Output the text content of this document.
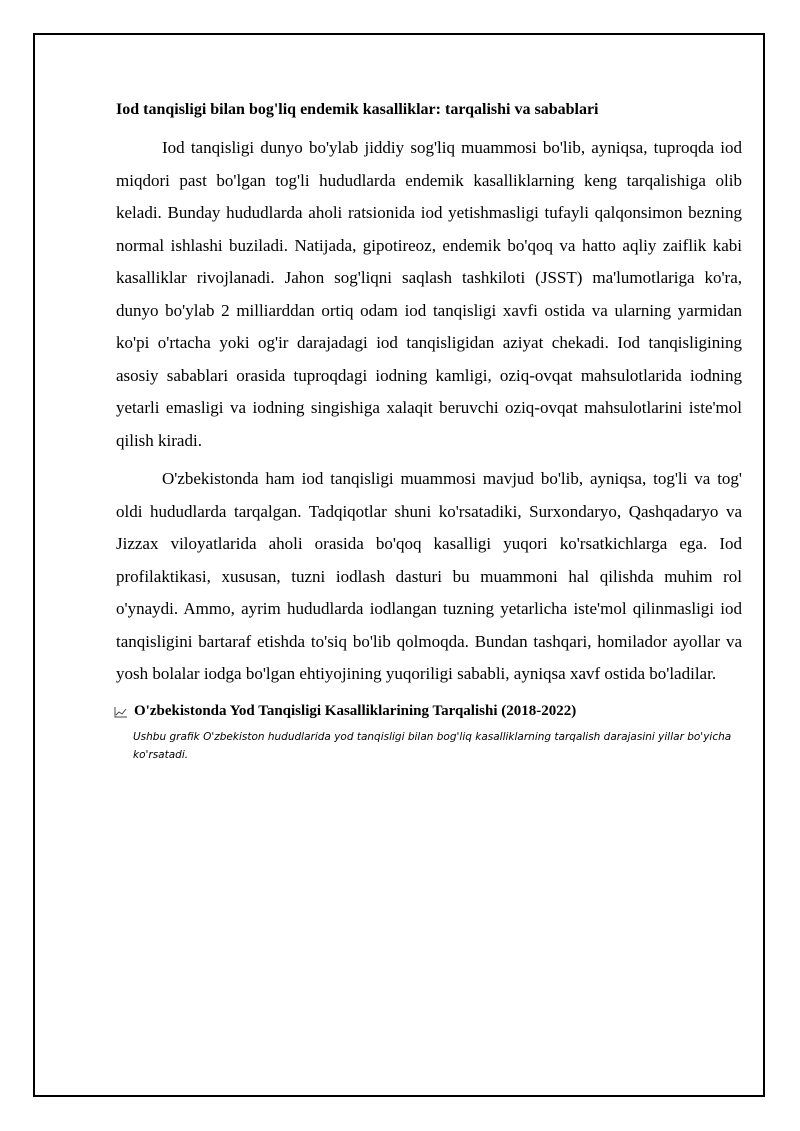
Iod tanqisligi bilan bog'liq endemik kasalliklar: tarqalishi va sabablari

Iod tanqisligi dunyo bo'ylab jiddiy sog'liq muammosi bo'lib, ayniqsa, tuproqda iod miqdori past bo'lgan tog'li hududlarda endemik kasalliklarning keng tarqalishiga olib keladi. Bunday hududlarda aholi ratsionida iod yetishmasligi tufayli qalqonsimon bezning normal ishlashi buziladi. Natijada, gipotireoz, endemik bo'qoq va hatto aqliy zaiflik kabi kasalliklar rivojlanadi. Jahon sog'liqni saqlash tashkiloti (JSST) ma'lumotlariga ko'ra, dunyo bo'ylab 2 milliarddan ortiq odam iod tanqisligi xavfi ostida va ularning yarmidan ko'pi o'rtacha yoki og'ir darajadagi iod tanqisligidan aziyat chekadi. Iod tanqisligining asosiy sabablari orasida tuproqdagi iodning kamligi, oziq-ovqat mahsulotlarida iodning yetarli emasligi va iodning singishiga xalaqit beruvchi oziq-ovqat mahsulotlarini iste'mol qilish kiradi.

O'zbekistonda ham iod tanqisligi muammosi mavjud bo'lib, ayniqsa, tog'li va tog' oldi hududlarda tarqalgan. Tadqiqotlar shuni ko'rsatadiki, Surxondaryo, Qashqadaryo va Jizzax viloyatlarida aholi orasida bo'qoq kasalligi yuqori ko'rsatkichlarga ega. Iod profilaktikasi, xususan, tuzni iodlash dasturi bu muammoni hal qilishda muhim rol o'ynaydi. Ammo, ayrim hududlarda iodlangan tuzning yetarlicha iste'mol qilinmasligi iod tanqisligini bartaraf etishda to'siq bo'lib qolmoqda. Bundan tashqari, homilador ayollar va yosh bolalar iodga bo'lgan ehtiyojining yuqoriligi sababli, ayniqsa xavf ostida bo'ladilar.

O'zbekistonda Yod Tanqisligi Kasalliklarining Tarqalishi (2018-2022)
Ushbu grafik O'zbekiston hududlarida yod tanqisligi bilan bog'liq kasalliklarning tarqalish darajasini yillar bo'yicha ko'rsatadi.
